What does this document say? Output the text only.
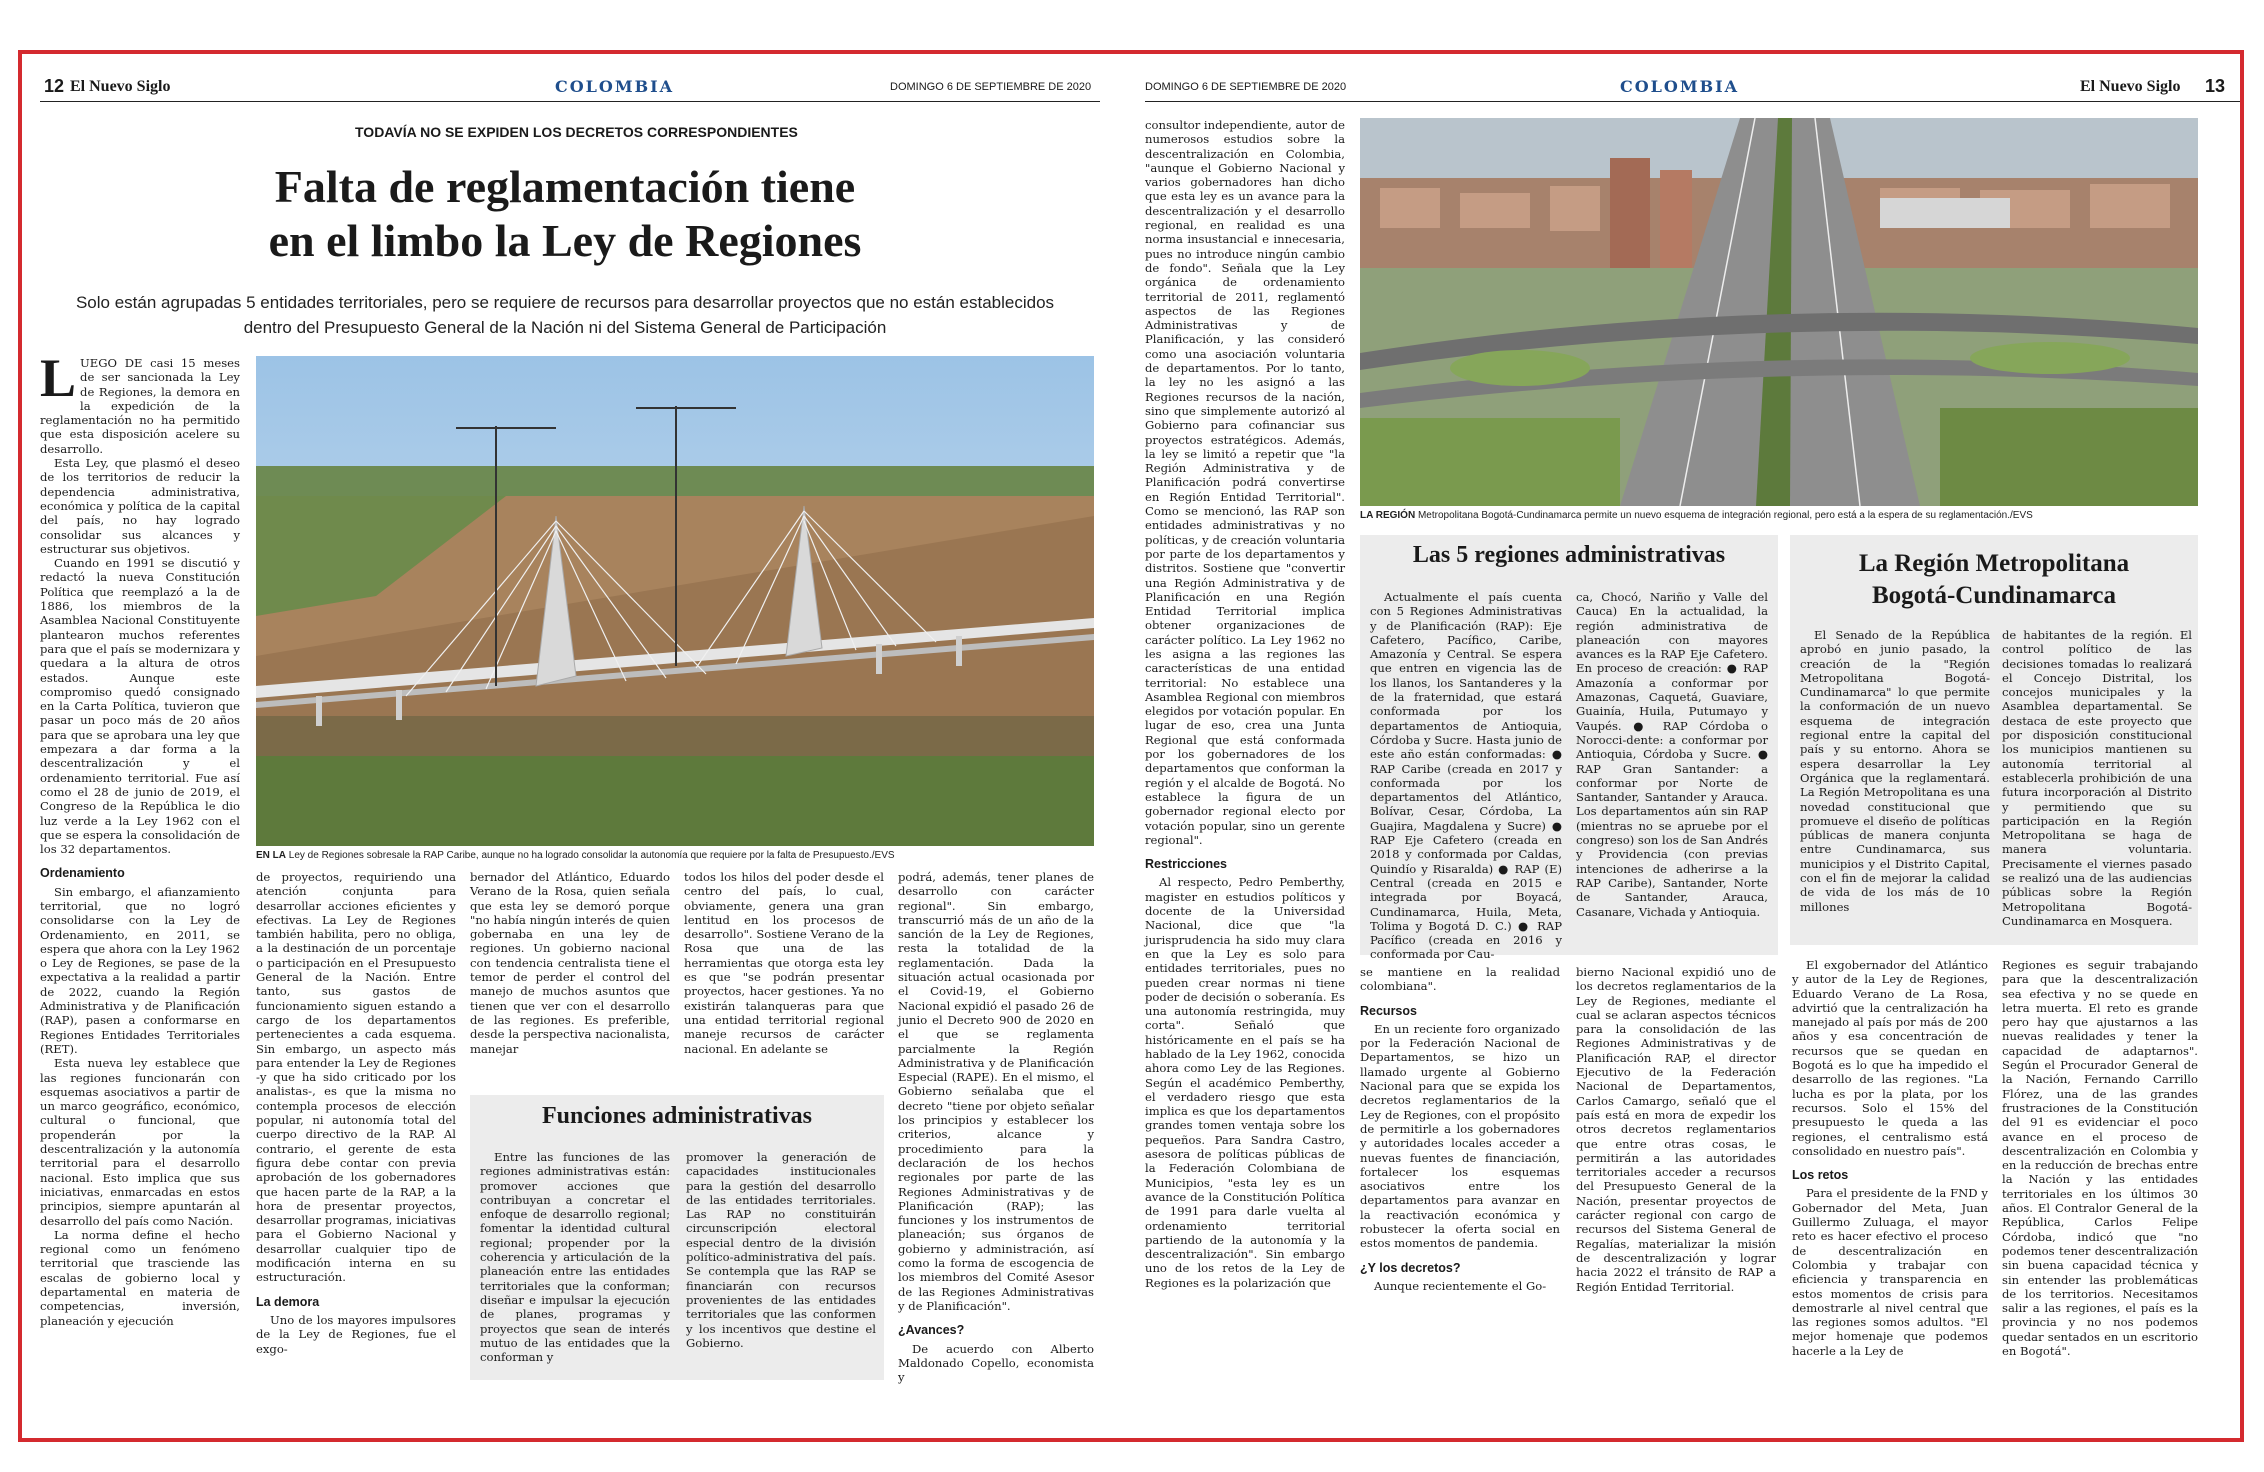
12 El Nuevo Siglo	COLOMBIA	DOMINGO 6 DE SEPTIEMBRE DE 2020	DOMINGO 6 DE SEPTIEMBRE DE 2020	COLOMBIA	El Nuevo Siglo 13
TODAVÍA NO SE EXPIDEN LOS DECRETOS CORRESPONDIENTES
Falta de reglamentación tiene
en el limbo la Ley de Regiones
Solo están agrupadas 5 entidades territoriales, pero se requiere de recursos para desarrollar proyectos que no están establecidos dentro del Presupuesto General de la Nación ni del Sistema General de Participación

LUEGO DE casi 15 meses de ser sancionada la Ley de Regiones, la demora en la expedición de la reglamentación no ha permitido que esta disposición acelere su desarrollo.

Esta Ley, que plasmó el deseo de los territorios de reducir la dependencia administrativa, económica y política de la capital del país, no hay logrado consolidar sus alcances y estructurar sus objetivos.

Cuando en 1991 se discutió y redactó la nueva Constitución Política que reemplazó a la de 1886, los miembros de la Asamblea Nacional Constituyente plantearon muchos referentes para que el país se modernizara y quedara a la altura de otros estados. Aunque este compromiso quedó consignado en la Carta Política, tuvieron que pasar un poco más de 20 años para que se aprobara una ley que empezara a dar forma a la descentralización y el ordenamiento territorial. Fue así como el 28 de junio de 2019, el Congreso de la República le dio luz verde a la Ley 1962 con el que se espera la consolidación de los 32 departamentos.

Ordenamiento

Sin embargo, el afianzamiento territorial, que no logró consolidarse con la Ley de Ordenamiento, en 2011, se espera que ahora con la Ley 1962 o Ley de Regiones, se pase de la expectativa a la realidad a partir de 2022, cuando la Región Administrativa y de Planificación (RAP), pasen a conformarse en Regiones Entidades Territoriales (RET).

Esta nueva ley establece que las regiones funcionarán con esquemas asociativos a partir de un marco geográfico, económico, cultural o funcional, que propenderán por la descentralización y la autonomía territorial para el desarrollo nacional. Esto implica que sus iniciativas, enmarcadas en estos principios, siempre apuntarán al desarrollo del país como Nación.

La norma define el hecho regional como un fenómeno territorial que trasciende las escalas de gobierno local y departamental en materia de competencias, inversión, planeación y ejecución

EN LA Ley de Regiones sobresale la RAP Caribe, aunque no ha logrado consolidar la autonomía que requiere por la falta de Presupuesto./EVS

de proyectos, requiriendo una atención conjunta para desarrollar acciones eficientes y efectivas. La Ley de Regiones también habilita, pero no obliga, a la destinación de un porcentaje o participación en el Presupuesto General de la Nación. Entre tanto, sus gastos de funcionamiento siguen estando a cargo de los departamentos pertenecientes a cada esquema. Sin embargo, un aspecto más para entender la Ley de Regiones -y que ha sido criticado por los analistas-, es que la misma no contempla procesos de elección popular, ni autonomía total del cuerpo directivo de la RAP. Al contrario, el gerente de esta figura debe contar con previa aprobación de los gobernadores que hacen parte de la RAP, a la hora de presentar proyectos, desarrollar programas, iniciativas para el Gobierno Nacional y desarrollar cualquier tipo de modificación interna en su estructuración.

La demora

Uno de los mayores impulsores de la Ley de Regiones, fue el exgo-

bernador del Atlántico, Eduardo Verano de la Rosa, quien señala que esta ley se demoró porque "no había ningún interés de quien gobernaba en una ley de regiones. Un gobierno nacional con tendencia centralista tiene el temor de perder el control del manejo de muchos asuntos que tienen que ver con el desarrollo de las regiones. Es preferible, desde la perspectiva nacionalista, manejar

todos los hilos del poder desde el centro del país, lo cual, obviamente, genera una gran lentitud en los procesos de desarrollo". Sostiene Verano de la Rosa que una de las herramientas que otorga esta ley es que "se podrán presentar proyectos, hacer gestiones. Ya no existirán talanqueras para que una entidad territorial regional maneje recursos de carácter nacional. En adelante se

podrá, además, tener planes de desarrollo con carácter regional". Sin embargo, transcurrió más de un año de la sanción de la Ley de Regiones, resta la totalidad de la reglamentación. Dada la situación actual ocasionada por el Covid-19, el Gobierno Nacional expidió el pasado 26 de junio el Decreto 900 de 2020 en el que se reglamenta parcialmente la Región Administrativa y de Planificación Especial (RAPE). En el mismo, el Gobierno señalaba que el decreto "tiene por objeto señalar los principios y establecer los criterios, alcance y procedimiento para la declaración de los hechos regionales por parte de las Regiones Administrativas y de Planificación (RAP); las funciones y los instrumentos de planeación; sus órganos de gobierno y administración, así como la forma de escogencia de los miembros del Comité Asesor de las Regiones Administrativas y de Planificación".

¿Avances?

De acuerdo con Alberto Maldonado Copello, economista y

Funciones administrativas

Entre las funciones de las regiones administrativas están: promover acciones que contribuyan a concretar el enfoque de desarrollo regional; fomentar la identidad cultural regional; propender por la coherencia y articulación de la planeación entre las entidades territoriales que la conforman; diseñar e impulsar la ejecución de planes, programas y proyectos que sean de interés mutuo de las entidades que la conforman y

promover la generación de capacidades institucionales para la gestión del desarrollo de las entidades territoriales. Las RAP no constituirán circunscripción electoral especial dentro de la división político-administrativa del país. Se contempla que las RAP se financiarán con recursos provenientes de las entidades territoriales que las conformen y los incentivos que destine el Gobierno.

consultor independiente, autor de numerosos estudios sobre la descentralización en Colombia, "aunque el Gobierno Nacional y varios gobernadores han dicho que esta ley es un avance para la descentralización y el desarrollo regional, en realidad es una norma insustancial e innecesaria, pues no introduce ningún cambio de fondo". Señala que la Ley orgánica de ordenamiento territorial de 2011, reglamentó aspectos de las Regiones Administrativas y de Planificación, y las consideró como una asociación voluntaria de departamentos. Por lo tanto, la ley no les asignó a las Regiones recursos de la nación, sino que simplemente autorizó al Gobierno para cofinanciar sus proyectos estratégicos. Además, la ley se limitó a repetir que "la Región Administrativa y de Planificación podrá convertirse en Región Entidad Territorial". Como se mencionó, las RAP son entidades administrativas y no políticas, y de creación voluntaria por parte de los departamentos y distritos. Sostiene que "convertir una Región Administrativa y de Planificación en una Región Entidad Territorial implica obtener organizaciones de carácter político. La Ley 1962 no les asigna a las regiones las características de una entidad territorial: No establece una Asamblea Regional con miembros elegidos por votación popular. En lugar de eso, crea una Junta Regional que está conformada por los gobernadores de los departamentos que conforman la región y el alcalde de Bogotá. No establece la figura de un gobernador regional electo por votación popular, sino un gerente regional".

Restricciones

Al respecto, Pedro Pemberthy, magister en estudios políticos y docente de la Universidad Nacional, dice que "la jurisprudencia ha sido muy clara en que la Ley es solo para entidades territoriales, pues no pueden crear normas ni tiene poder de decisión o soberanía. Es una autonomía restringida, muy corta". Señaló que históricamente en el país se ha hablado de la Ley 1962, conocida ahora como Ley de las Regiones. Según el académico Pemberthy, el verdadero riesgo que esta implica es que los departamentos grandes tomen ventaja sobre los pequeños. Para Sandra Castro, asesora de políticas públicas de la Federación Colombiana de Municipios, "esta ley es un avance de la Constitución Política de 1991 para darle vuelta al ordenamiento territorial partiendo de la autonomía y la descentralización". Sin embargo uno de los retos de la Ley de Regiones es la polarización que

LA REGIÓN Metropolitana Bogotá-Cundinamarca permite un nuevo esquema de integración regional, pero está a la espera de su reglamentación./EVS
Las 5 regiones administrativas

Actualmente el país cuenta con 5 Regiones Administrativas y de Planificación (RAP): Eje Cafetero, Pacífico, Caribe, Amazonía y Central. Se espera que entren en vigencia las de los llanos, los Santanderes y la de la fraternidad, que estará conformada por los departamentos de Antioquia, Córdoba y Sucre. Hasta junio de este año están conformadas: ● RAP Caribe (creada en 2017 y conformada por los departamentos del Atlántico, Bolívar, Cesar, Córdoba, La Guajira, Magdalena y Sucre) ● RAP Eje Cafetero (creada en 2018 y conformada por Caldas, Quindío y Risaralda) ● RAP (E) Central (creada en 2015 e integrada por Boyacá, Cundinamarca, Huila, Meta, Tolima y Bogotá D. C.) ● RAP Pacífico (creada en 2016 y conformada por Cau-

ca, Chocó, Nariño y Valle del Cauca) En la actualidad, la región administrativa de planeación con mayores avances es la RAP Eje Cafetero. En proceso de creación: ● RAP Amazonía a conformar por Amazonas, Caquetá, Guaviare, Guainía, Huila, Putumayo y Vaupés. ● RAP Córdoba o Norocci-dente: a conformar por Antioquia, Córdoba y Sucre. ● RAP Gran Santander: a conformar por Norte de Santander, Santander y Arauca. Los departamentos aún sin RAP (mientras no se apruebe por el congreso) son los de San Andrés y Providencia (con previas intenciones de adherirse a la RAP Caribe), Santander, Norte de Santander, Arauca, Casanare, Vichada y Antioquia.

La Región Metropolitana
Bogotá-Cundinamarca

El Senado de la República aprobó en junio pasado, la creación de la "Región Metropolitana Bogotá-Cundinamarca" lo que permite la conformación de un nuevo esquema de integración regional entre la capital del país y su entorno. Ahora se espera desarrollar la Ley Orgánica que la reglamentará. La Región Metropolitana es una novedad constitucional que promueve el diseño de políticas públicas de manera conjunta entre Cundinamarca, sus municipios y el Distrito Capital, con el fin de mejorar la calidad de vida de los más de 10 millones

de habitantes de la región. El control político de las decisiones tomadas lo realizará el Concejo Distrital, los concejos municipales y la Asamblea departamental. Se destaca de este proyecto que por disposición constitucional los municipios mantienen su autonomía territorial al establecerla prohibición de una futura incorporación al Distrito y permitiendo que su participación en la Región Metropolitana se haga de manera voluntaria. Precisamente el viernes pasado se realizó una de las audiencias públicas sobre la Región Metropolitana Bogotá-Cundinamarca en Mosquera.

se mantiene en la realidad colombiana".

Recursos

En un reciente foro organizado por la Federación Nacional de Departamentos, se hizo un llamado urgente al Gobierno Nacional para que se expida los decretos reglamentarios de la Ley de Regiones, con el propósito de permitirle a los gobernadores y autoridades locales acceder a nuevas fuentes de financiación, fortalecer los esquemas asociativos entre los departamentos para avanzar en la reactivación económica y robustecer la oferta social en estos momentos de pandemia.

¿Y los decretos?

Aunque recientemente el Go-

bierno Nacional expidió uno de los decretos reglamentarios de la Ley de Regiones, mediante el cual se aclaran aspectos técnicos para la consolidación de las Regiones Administrativas y de Planificación RAP, el director Ejecutivo de la Federación Nacional de Departamentos, Carlos Camargo, señaló que el país está en mora de expedir los otros decretos reglamentarios que entre otras cosas, le permitirán a las autoridades territoriales acceder a recursos del Presupuesto General de la Nación, presentar proyectos de carácter regional con cargo de recursos del Sistema General de Regalías, materializar la misión de descentralización y lograr hacia 2022 el tránsito de RAP a Región Entidad Territorial.

El exgobernador del Atlántico y autor de la Ley de Regiones, Eduardo Verano de La Rosa, advirtió que la centralización ha manejado al país por más de 200 años y esa concentración de recursos que se quedan en Bogotá es lo que ha impedido el desarrollo de las regiones. "La lucha es por la plata, por los recursos. Solo el 15% del presupuesto le queda a las regiones, el centralismo está consolidado en nuestro país".

Los retos

Para el presidente de la FND y Gobernador del Meta, Juan Guillermo Zuluaga, el mayor reto es hacer efectivo el proceso de descentralización en Colombia y trabajar con eficiencia y transparencia en estos momentos de crisis para demostrarle al nivel central que las regiones somos adultos. "El mejor homenaje que podemos hacerle a la Ley de

Regiones es seguir trabajando para que la descentralización sea efectiva y no se quede en letra muerta. El reto es grande pero hay que ajustarnos a las nuevas realidades y tener la capacidad de adaptarnos". Según el Procurador General de la Nación, Fernando Carrillo Flórez, una de las grandes frustraciones de la Constitución del 91 es evidenciar el poco avance en el proceso de descentralización en Colombia y en la reducción de brechas entre la Nación y las entidades territoriales en los últimos 30 años. El Contralor General de la República, Carlos Felipe Córdoba, indicó que "no podemos tener descentralización sin buena capacidad técnica y sin entender las problemáticas de los territorios. Necesitamos salir a las regiones, el país es la provincia y no nos podemos quedar sentados en un escritorio en Bogotá".
